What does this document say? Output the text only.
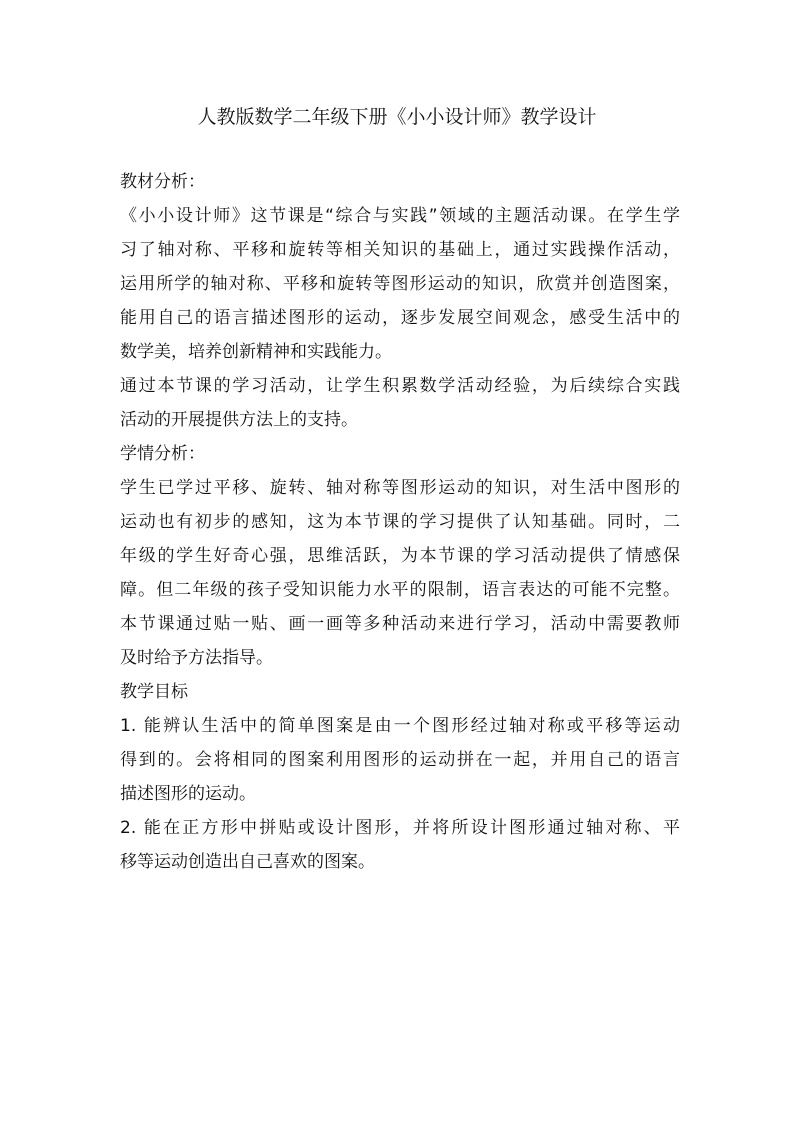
人教版数学二年级下册《小小设计师》教学设计
教材分析：
《小小设计师》这节课是“综合与实践”领域的主题活动课。在学生学
习了轴对称、平移和旋转等相关知识的基础上，通过实践操作活动，
运用所学的轴对称、平移和旋转等图形运动的知识，欣赏并创造图案，
能用自己的语言描述图形的运动，逐步发展空间观念，感受生活中的
数学美，培养创新精神和实践能力。
通过本节课的学习活动，让学生积累数学活动经验，为后续综合实践
活动的开展提供方法上的支持。
学情分析：
学生已学过平移、旋转、轴对称等图形运动的知识，对生活中图形的
运动也有初步的感知，这为本节课的学习提供了认知基础。同时，二
年级的学生好奇心强，思维活跃，为本节课的学习活动提供了情感保
障。但二年级的孩子受知识能力水平的限制，语言表达的可能不完整。
本节课通过贴一贴、画一画等多种活动来进行学习，活动中需要教师
及时给予方法指导。
教学目标
1. 能辨认生活中的简单图案是由一个图形经过轴对称或平移等运动
得到的。会将相同的图案利用图形的运动拼在一起，并用自己的语言
描述图形的运动。
2. 能在正方形中拼贴或设计图形，并将所设计图形通过轴对称、平
移等运动创造出自己喜欢的图案。
